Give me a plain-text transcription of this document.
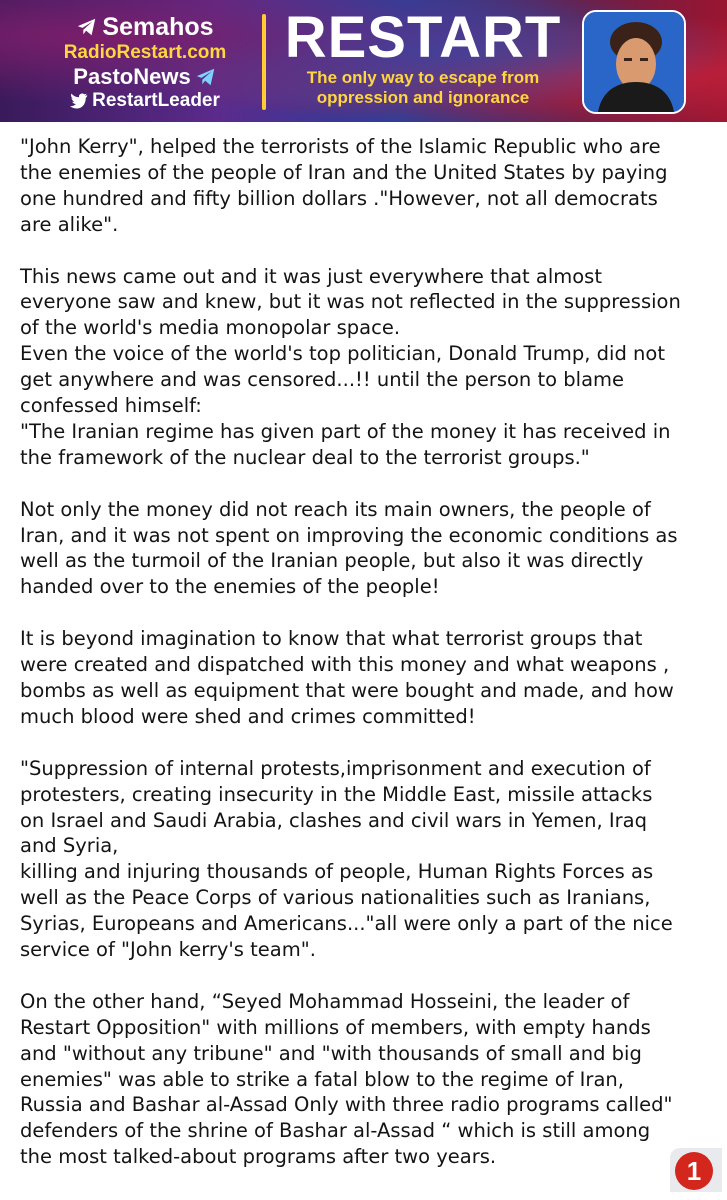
Semahos
RadioRestart.com
PastoNews
RestartLeader
RESTART
The only way to escape from
oppression and ignorance

"John Kerry", helped the terrorists of the Islamic Republic who are
the enemies of the people of Iran and the United States by paying
one hundred and fifty billion dollars ."However, not all democrats
are alike".

This news came out and it was just everywhere that almost
everyone saw and knew, but it was not reflected in the suppression
of the world's media monopolar space.
Even the voice of the world's top politician, Donald Trump, did not
get anywhere and was censored...!! until the person to blame
confessed himself:
"The Iranian regime has given part of the money it has received in
the framework of the nuclear deal to the terrorist groups."

Not only the money did not reach its main owners, the people of
Iran, and it was not spent on improving the economic conditions as
well as the turmoil of the Iranian people, but also it was directly
handed over to the enemies of the people!

It is beyond imagination to know that what terrorist groups that
were created and dispatched with this money and what weapons ,
bombs as well as equipment that were bought and made, and how
much blood were shed and crimes committed!

"Suppression of internal protests,imprisonment and execution of
protesters, creating insecurity in the Middle East, missile attacks
on Israel and Saudi Arabia, clashes and civil wars in Yemen, Iraq
and Syria,
killing and injuring thousands of people, Human Rights Forces as
well as the Peace Corps of various nationalities such as Iranians,
Syrias, Europeans and Americans..."all were only a part of the nice
service of "John kerry's team".

On the other hand, “Seyed Mohammad Hosseini, the leader of
Restart Opposition" with millions of members, with empty hands
and "without any tribune" and "with thousands of small and big
enemies" was able to strike a fatal blow to the regime of Iran,
Russia and Bashar al-Assad Only with three radio programs called"
defenders of the shrine of Bashar al-Assad “ which is still among
the most talked-about programs after two years.	1
